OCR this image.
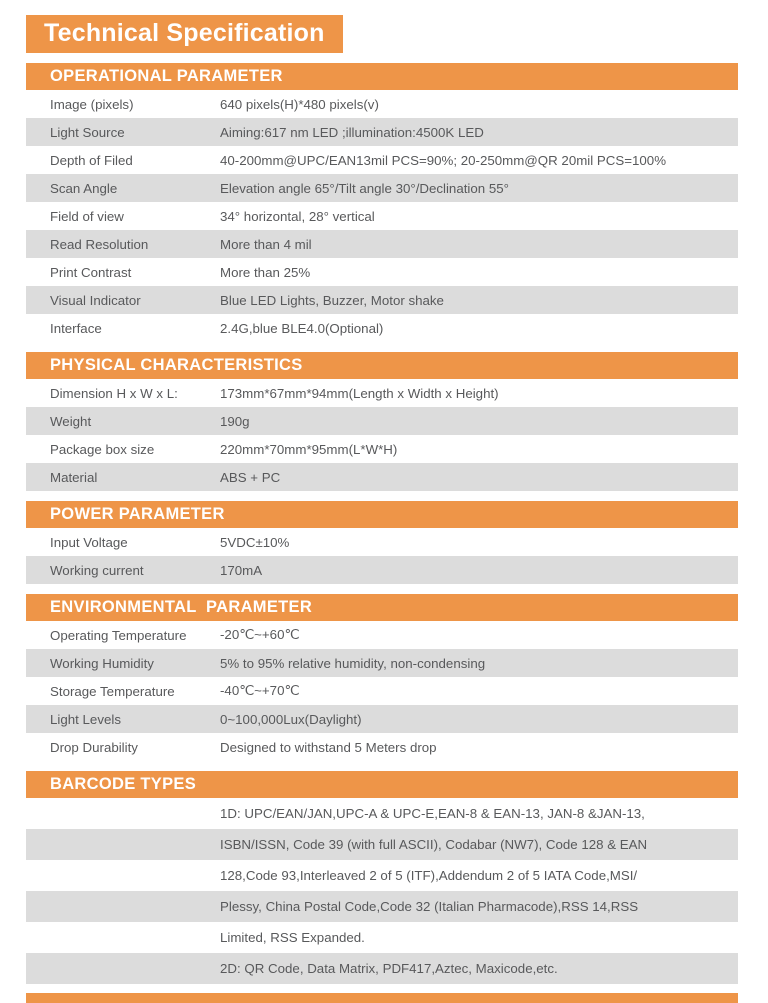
Technical Specification
OPERATIONAL PARAMETER
Image (pixels)	640 pixels(H)*480 pixels(v)
Light Source	Aiming:617 nm LED ;illumination:4500K LED
Depth of Filed	40-200mm@UPC/EAN13mil PCS=90%; 20-250mm@QR 20mil PCS=100%
Scan Angle	Elevation angle 65°/Tilt angle 30°/Declination 55°
Field of view	34° horizontal, 28° vertical
Read Resolution	More than 4 mil
Print Contrast	More than 25%
Visual Indicator	Blue LED Lights, Buzzer, Motor shake
Interface	2.4G,blue BLE4.0(Optional)
PHYSICAL CHARACTERISTICS
Dimension H x W x L:	173mm*67mm*94mm(Length x Width x Height)
Weight	190g
Package box size	220mm*70mm*95mm(L*W*H)
Material	ABS + PC
POWER PARAMETER
Input Voltage	5VDC±10%
Working current	170mA
ENVIRONMENTAL  PARAMETER
Operating Temperature	-20℃~+60℃
Working Humidity	5% to 95% relative humidity, non-condensing
Storage Temperature	-40℃~+70℃
Light Levels	0~100,000Lux(Daylight)
Drop Durability	Designed to withstand 5 Meters drop
BARCODE TYPES
1D: UPC/EAN/JAN,UPC-A & UPC-E,EAN-8 & EAN-13, JAN-8 &JAN-13,
ISBN/ISSN, Code 39 (with full ASCII), Codabar (NW7), Code 128 & EAN
128,Code 93,Interleaved 2 of 5 (ITF),Addendum 2 of 5 IATA Code,MSI/
Plessy, China Postal Code,Code 32 (Italian Pharmacode),RSS 14,RSS
Limited, RSS Expanded.
2D: QR Code, Data Matrix, PDF417,Aztec, Maxicode,etc.
